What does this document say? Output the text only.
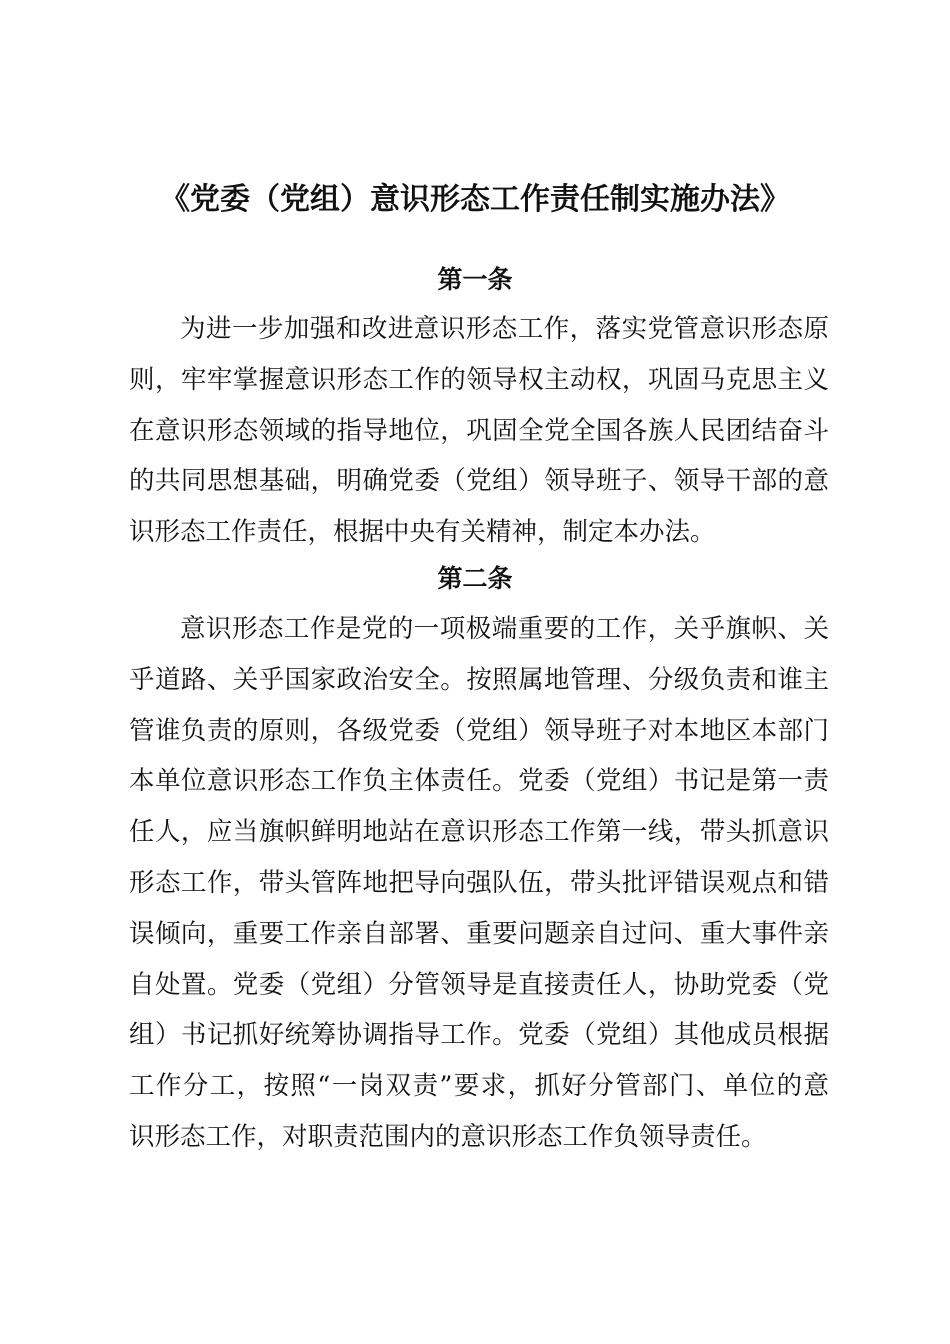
《党委（党组）意识形态工作责任制实施办法》
第一条
为进一步加强和改进意识形态工作，落实党管意识形态原
则，牢牢掌握意识形态工作的领导权主动权，巩固马克思主义
在意识形态领域的指导地位，巩固全党全国各族人民团结奋斗
的共同思想基础，明确党委（党组）领导班子、领导干部的意
识形态工作责任，根据中央有关精神，制定本办法。
第二条
意识形态工作是党的一项极端重要的工作，关乎旗帜、关
乎道路、关乎国家政治安全。按照属地管理、分级负责和谁主
管谁负责的原则，各级党委（党组）领导班子对本地区本部门
本单位意识形态工作负主体责任。党委（党组）书记是第一责
任人，应当旗帜鲜明地站在意识形态工作第一线，带头抓意识
形态工作，带头管阵地把导向强队伍，带头批评错误观点和错
误倾向，重要工作亲自部署、重要问题亲自过问、重大事件亲
自处置。党委（党组）分管领导是直接责任人，协助党委（党
组）书记抓好统筹协调指导工作。党委（党组）其他成员根据
工作分工，按照“一岗双责”要求，抓好分管部门、单位的意
识形态工作，对职责范围内的意识形态工作负领导责任。
